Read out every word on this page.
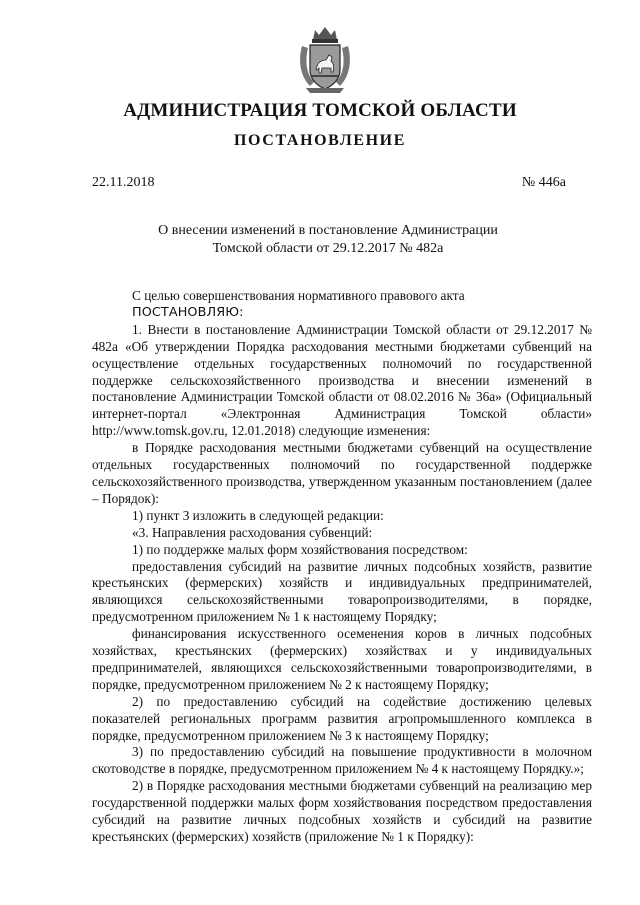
АДМИНИСТРАЦИЯ ТОМСКОЙ ОБЛАСТИ
ПОСТАНОВЛЕНИЕ
22.11.2018	№ 446а
О внесении изменений в постановление Администрации
Томской области от 29.12.2017 № 482а

С целью совершенствования нормативного правового акта

ПОСТАНОВЛЯЮ:

1. Внести в постановление Администрации Томской области от 29.12.2017 № 482а «Об утверждении Порядка расходования местными бюджетами субвенций на осуществление отдельных государственных полномочий по государственной поддержке сельскохозяйственного производства и внесении изменений в постановление Администрации Томской области от 08.02.2016 № 36а» (Официальный интернет-портал «Электронная Администрация Томской области» http://www.tomsk.gov.ru, 12.01.2018) следующие изменения:

в Порядке расходования местными бюджетами субвенций на осуществление отдельных государственных полномочий по государственной поддержке сельскохозяйственного производства, утвержденном указанным постановлением (далее – Порядок):

1) пункт 3 изложить в следующей редакции:

«3. Направления расходования субвенций:

1) по поддержке малых форм хозяйствования посредством:

предоставления субсидий на развитие личных подсобных хозяйств, развитие крестьянских (фермерских) хозяйств и индивидуальных предпринимателей, являющихся сельскохозяйственными товаропроизводителями, в порядке, предусмотренном приложением № 1 к настоящему Порядку;

финансирования искусственного осеменения коров в личных подсобных хозяйствах, крестьянских (фермерских) хозяйствах и у индивидуальных предпринимателей, являющихся сельскохозяйственными товаропроизводителями, в порядке, предусмотренном приложением № 2 к настоящему Порядку;

2) по предоставлению субсидий на содействие достижению целевых показателей региональных программ развития агропромышленного комплекса в порядке, предусмотренном приложением № 3 к настоящему Порядку;

3) по предоставлению субсидий на повышение продуктивности в молочном скотоводстве в порядке, предусмотренном приложением № 4 к настоящему Порядку.»;

2) в Порядке расходования местными бюджетами субвенций на реализацию мер государственной поддержки малых форм хозяйствования посредством предоставления субсидий на развитие личных подсобных хозяйств и субсидий на развитие крестьянских (фермерских) хозяйств (приложение № 1 к Порядку):
